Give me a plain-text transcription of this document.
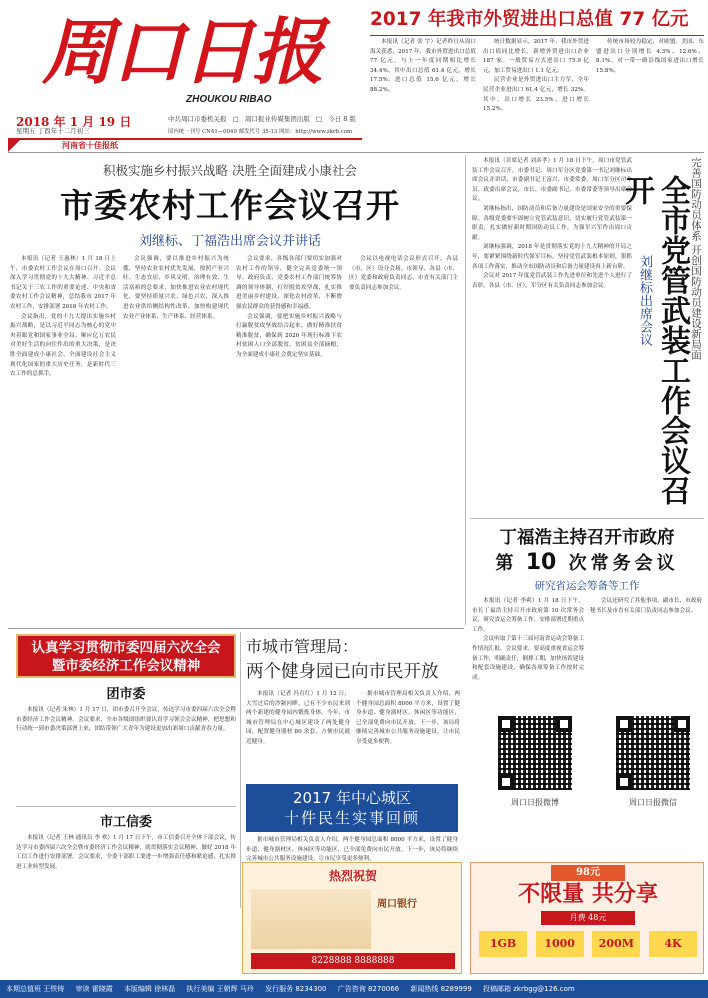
周口日报
ZHOUKOU RIBAO
2018 年 1 月 19 日
星期五 丁酉年十二月初三
中共周口市委机关报 □ 周口报业传媒集团出版 □ 今日 8 版
国内统一刊号 CN41—0049 邮发代号 35-13 网址：http://www.zkrb.com
河南省十佳报纸
2017 年我市外贸进出口总值 77 亿元

本报讯（记者 张 宇）记者昨日从周口海关获悉，2017 年，我市外贸进出口总值 77 亿元，与上一年度同期相比增长 34.4%，其中出口总值 61.4 亿元，增长 17.5%；进口总值 15.6 亿元，增长 88.2%。

统计数据显示，2017 年，我市外贸进出口值同比增长，新增外贸进出口企业 187 家。一般贸易方式进出口 75.9 亿元，加工贸易进出口 1.1 亿元。

民营企业是外贸进出口主力军，全年民营企业进出口 61.4 亿元，增长 32%。其中，出口增长 23.5%，进口增长 15.2%。

传统市场较为稳定，对欧盟、美国、东盟进出口分别增长 4.3%、12.6%、8.1%。对一带一路沿线国家进出口增长 15.8%。

积极实施乡村振兴战略 决胜全面建成小康社会
市委农村工作会议召开
刘继标、丁福浩出席会议并讲话

本报讯（记者 王惠林）1 月 18 日上午，市委农村工作会议在周口召开。会议深入学习贯彻党的十九大精神、习近平总书记关于三农工作的重要论述、中央和省委农村工作会议精神，总结我市 2017 年农村工作，安排部署 2018 年农村工作。

会议指出，党的十九大提出实施乡村振兴战略，是以习近平同志为核心的党中央着眼党和国家事业全局、顺应亿万农民对美好生活的向往作出的重大决策，是决胜全面建成小康社会、全面建设社会主义现代化国家的重大历史任务，是新时代三农工作的总抓手。

会议强调，要以推进乡村振兴为统揽，坚持农业农村优先发展，按照产业兴旺、生态宜居、乡风文明、治理有效、生活富裕的总要求，加快推进农业农村现代化。要坚持质量兴农、绿色兴农，深入推进农业供给侧结构性改革，加快构建现代农业产业体系、生产体系、经营体系。

会议要求，各级各部门要切实加强对农村工作的领导，健全完善党委统一领导、政府负责、党委农村工作部门统筹协调的领导体制，打好脱贫攻坚战，扎实推进美丽乡村建设，深化农村改革，不断增强农民群众的获得感和幸福感。

会议强调，要把实施乡村振兴战略与打赢脱贫攻坚战结合起来，做好精准扶贫精准脱贫，确保到 2020 年现行标准下农村贫困人口全部脱贫，贫困县全部摘帽，为全面建成小康社会奠定坚实基础。

会议以电视电话会议形式召开，各县（市、区）设分会场。市领导、各县（市、区）党委和政府负责同志、市直有关部门主要负责同志参加会议。

本报讯（首席记者 刘彦孝）1 月 18 日下午，周口市党管武装工作会议召开，市委书记、周口军分区党委第一书记刘继标出席会议并讲话，市委副书记王富兴、市委常委、周口军分区司令员、政委出席会议，市长、市委副书记、市委常委等领导出席会议。

刘继标指出，国防动员和后备力量建设是国家安全的重要保障。各级党委要牢固树立党管武装意识，切实履行党管武装第一职责，扎实做好新时期国防动员工作，为强军兴军作出周口贡献。

刘继标强调，2018 年是贯彻落实党的十九大精神的开局之年，要紧紧围绕新时代强军目标，坚持党管武装根本原则，狠抓各项工作落实，推动全市国防动员和后备力量建设再上新台阶。

会议对 2017 年度党管武装工作先进单位和先进个人进行了表彰。各县（市、区）、军分区有关负责同志参加会议。	刘继标出席会议 全市党管武装工作会议召开	完善国防动员体系 开创国防动员建设新局面
丁福浩主持召开市政府
第 10 次常务会议
研究省运会筹备等工作

本报讯（记者 李莉）1 月 18 日下午，市长丁福浩主持召开市政府第 10 次常务会议，研究省运会筹备工作，安排部署近期重点工作。

会议听取了第十三届河南省运动会筹备工作情况汇报，会议要求，要高度重视省运会筹备工作，明确责任，倒排工期，加快场馆建设和配套设施建设，确保各项筹备工作按时完成。

会议还研究了其他事项。副市长、市政府秘书长及市直有关部门负责同志参加会议。

认真学习贯彻市委四届六次全会
暨市委经济工作会议精神
团市委

本报讯（记者 朱林）1 月 17 日，团市委召开全会议，传达学习市委四届六次全会暨市委经济工作会议精神。会议要求，全市各级团组织要认真学习领会会议精神，把思想和行动统一到市委决策部署上来，团结带领广大青年为建设更加出彩周口贡献青春力量。

市工信委

本报讯（记者 王林 通讯员 李 欢）1 月 17 日下午，市工信委召开全体干部会议，传达学习市委四届六次全会暨市委经济工作会议精神，就贯彻落实会议精神、做好 2018 年工信工作进行安排部署。会议要求，全委干部职工要进一步增强责任感和紧迫感，扎实推进工业转型发展。

市城市管理局：
两个健身园已向市民开放

本报讯（记者 冯育红）1 月 12 日，大雪过后的沙颍河畔，已有不少市民来到两个新建的健身园内锻炼身体。今年，市城市管理局在中心城区建设了两处健身园，配置健身器材 80 余套，方便市民就近健身。

据市城市管理局相关负责人介绍，两个健身园总面积 8000 平方米，设置了健身步道、健身器材区、休闲区等功能区，已全部免费向市民开放。下一步，该局将继续完善城市公共服务设施建设，让市民享受更多便利。

2017 年中心城区
十件民生实事回顾

据市城市管理局相关负责人介绍，两个健身园总面积 8000 平方米，设置了健身步道、健身器材区、休闲区等功能区，已全部免费向市民开放。下一步，该局将继续完善城市公共服务设施建设，让市民享受更多便利。

周口日报微博	周口日报微信
热烈祝贺
周口银行
8228888 8888888
98元
不限量 共分享
月费 48元
1GB	1000	200M	4K
本期总值班 王铁铸 审读 霍晓霞 本版编辑 徐林磊 执行美编 王朝辉 马玲 发行服务 8234300 广告咨询 8270066 新闻热线 8289999 投稿邮箱 zkrbgg@126.com
